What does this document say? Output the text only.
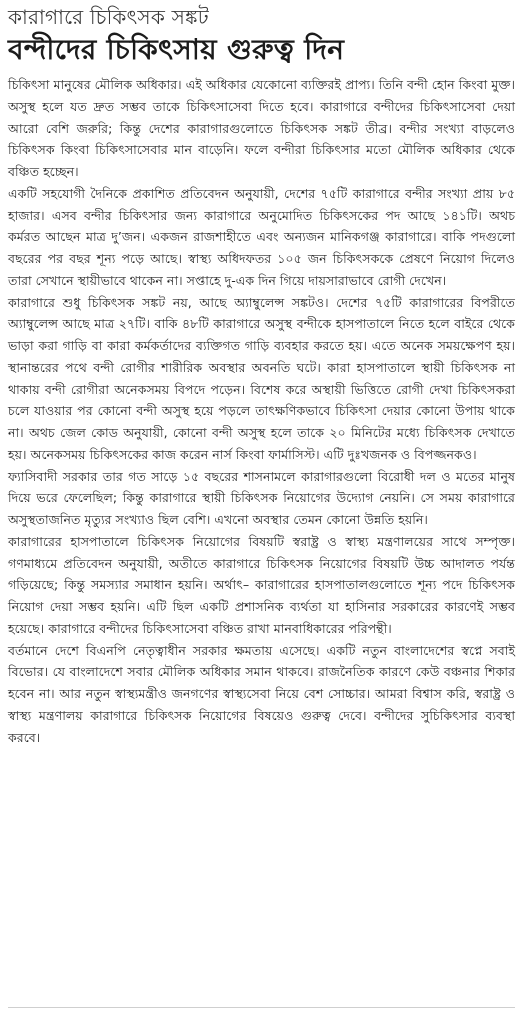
কারাগারে চিকিৎসক সঙ্কট
বন্দীদের চিকিৎসায় গুরুত্ব দিন

চিকিৎসা মানুষের মৌলিক অধিকার। এই অধিকার যেকোনো ব্যক্তিরই প্রাপ্য। তিনি বন্দী হোন কিংবা মুক্ত। অসুস্থ হলে যত দ্রুত সম্ভব তাকে চিকিৎসাসেবা দিতে হবে। কারাগারে বন্দীদের চিকিৎসাসেবা দেয়া আরো বেশি জরুরি; কিন্তু দেশের কারাগারগুলোতে চিকিৎসক সঙ্কট তীব্র। বন্দীর সংখ্যা বাড়লেও চিকিৎসক কিংবা চিকিৎসাসেবার মান বাড়েনি। ফলে বন্দীরা চিকিৎসার মতো মৌলিক অধিকার থেকে বঞ্চিত হচ্ছেন।

একটি সহযোগী দৈনিকে প্রকাশিত প্রতিবেদন অনুযায়ী, দেশের ৭৫টি কারাগারে বন্দীর সংখ্যা প্রায় ৮৫ হাজার। এসব বন্দীর চিকিৎসার জন্য কারাগারে অনুমোদিত চিকিৎসকের পদ আছে ১৪১টি। অথচ কর্মরত আছেন মাত্র দু’জন। একজন রাজশাহীতে এবং অন্যজন মানিকগঞ্জ কারাগারে। বাকি পদগুলো বছরের পর বছর শূন্য পড়ে আছে। স্বাস্থ্য অধিদফতর ১০৫ জন চিকিৎসককে প্রেষণে নিয়োগ দিলেও তারা সেখানে স্থায়ীভাবে থাকেন না। সপ্তাহে দু-এক দিন গিয়ে দায়সারাভাবে রোগী দেখেন।

কারাগারে শুধু চিকিৎসক সঙ্কট নয়, আছে অ্যাম্বুলেন্স সঙ্কটও। দেশের ৭৫টি কারাগারের বিপরীতে অ্যাম্বুলেন্স আছে মাত্র ২৭টি। বাকি ৪৮টি কারাগারে অসুস্থ বন্দীকে হাসপাতালে নিতে হলে বাইরে থেকে ভাড়া করা গাড়ি বা কারা কর্মকর্তাদের ব্যক্তিগত গাড়ি ব্যবহার করতে হয়। এতে অনেক সময়ক্ষেপণ হয়। স্থানান্তরের পথে বন্দী রোগীর শারীরিক অবস্থার অবনতি ঘটে। কারা হাসপাতালে স্থায়ী চিকিৎসক না থাকায় বন্দী রোগীরা অনেকসময় বিপদে পড়েন। বিশেষ করে অস্থায়ী ভিত্তিতে রোগী দেখা চিকিৎসকরা চলে যাওয়ার পর কোনো বন্দী অসুস্থ হয়ে পড়লে তাৎক্ষণিকভাবে চিকিৎসা দেয়ার কোনো উপায় থাকে না। অথচ জেল কোড অনুযায়ী, কোনো বন্দী অসুস্থ হলে তাকে ২০ মিনিটের মধ্যে চিকিৎসক দেখাতে হয়। অনেকসময় চিকিৎসকের কাজ করেন নার্স কিংবা ফার্মাসিস্ট। এটি দুঃখজনক ও বিপজ্জনকও।

ফ্যাসিবাদী সরকার তার গত সাড়ে ১৫ বছরের শাসনামলে কারাগারগুলো বিরোধী দল ও মতের মানুষ দিয়ে ভরে ফেলেছিল; কিন্তু কারাগারে স্থায়ী চিকিৎসক নিয়োগের উদ্যোগ নেয়নি। সে সময় কারাগারে অসুস্থতাজনিত মৃত্যুর সংখ্যাও ছিল বেশি। এখনো অবস্থার তেমন কোনো উন্নতি হয়নি।

কারাগারের হাসপাতালে চিকিৎসক নিয়োগের বিষয়টি স্বরাষ্ট্র ও স্বাস্থ্য মন্ত্রণালয়ের সাথে সম্পৃক্ত। গণমাধ্যমে প্রতিবেদন অনুযায়ী, অতীতে কারাগারে চিকিৎসক নিয়োগের বিষয়টি উচ্চ আদালত পর্যন্ত গড়িয়েছে; কিন্তু সমস্যার সমাধান হয়নি। অর্থাৎ– কারাগারের হাসপাতালগুলোতে শূন্য পদে চিকিৎসক নিয়োগ দেয়া সম্ভব হয়নি। এটি ছিল একটি প্রশাসনিক ব্যর্থতা যা হাসিনার সরকারের কারণেই সম্ভব হয়েছে। কারাগারে বন্দীদের চিকিৎসাসেবা বঞ্চিত রাখা মানবাধিকারের পরিপন্থী।

বর্তমানে দেশে বিএনপি নেতৃত্বাধীন সরকার ক্ষমতায় এসেছে। একটি নতুন বাংলাদেশের স্বপ্নে সবাই বিভোর। যে বাংলাদেশে সবার মৌলিক অধিকার সমান থাকবে। রাজনৈতিক কারণে কেউ বঞ্চনার শিকার হবেন না। আর নতুন স্বাস্থ্যমন্ত্রীও জনগণের স্বাস্থ্যসেবা নিয়ে বেশ সোচ্চার। আমরা বিশ্বাস করি, স্বরাষ্ট্র ও স্বাস্থ্য মন্ত্রণালয় কারাগারে চিকিৎসক নিয়োগের বিষয়েও গুরুত্ব দেবে। বন্দীদের সুচিকিৎসার ব্যবস্থা করবে।
